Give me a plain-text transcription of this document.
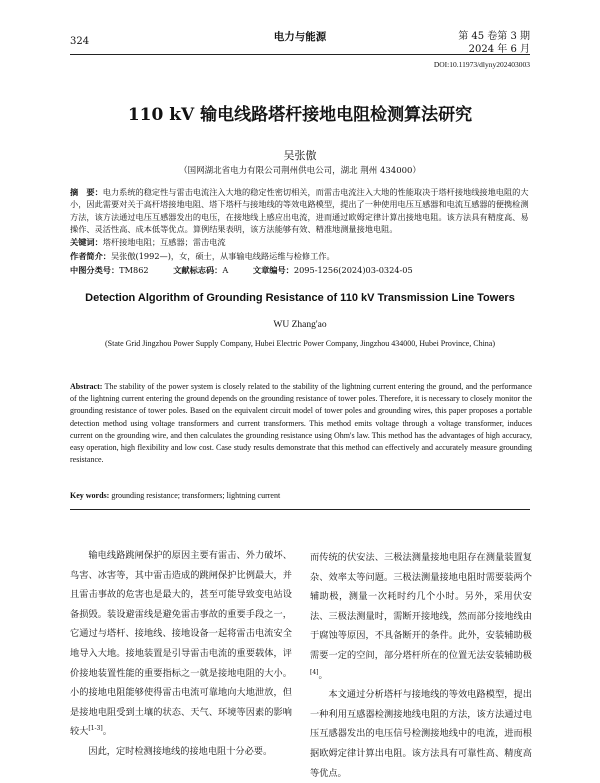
324	电力与能源	第 45 卷第 3 期
2024 年 6 月
DOI:10.11973/dlyny202403003
110 kV 输电线路塔杆接地电阻检测算法研究
吴张傲
（国网湖北省电力有限公司荆州供电公司，湖北 荆州 434000）
摘　要：电力系统的稳定性与雷击电流注入大地的稳定性密切相关，而雷击电流注入大地的性能取决于塔杆接地线接地电阻的大小，因此需要对关于高杆塔接地电阻、塔下塔杆与接地线的等效电路模型，提出了一种使用电压互感器和电流互感器的便携检测方法，该方法通过电压互感器发出的电压，在接地线上感应出电流，进而通过欧姆定律计算出接地电阻。该方法具有精度高、易操作、灵活性高、成本低等优点。算例结果表明，该方法能够有效、精准地测量接地电阻。
关键词：塔杆接地电阻；互感器；雷击电流
作者简介：吴张傲(1992—)，女，硕士，从事输电线路运维与检修工作。
中图分类号：TM862	文献标志码：A	文章编号：2095-1256(2024)03-0324-05
Detection Algorithm of Grounding Resistance of 110 kV Transmission Line Towers
WU Zhang'ao
(State Grid Jingzhou Power Supply Company, Hubei Electric Power Company, Jingzhou 434000, Hubei Province, China)
Abstract: The stability of the power system is closely related to the stability of the lightning current entering the ground, and the performance of the lightning current entering the ground depends on the grounding resistance of tower poles. Therefore, it is necessary to closely monitor the grounding resistance of tower poles. Based on the equivalent circuit model of tower poles and grounding wires, this paper proposes a portable detection method using voltage transformers and current transformers. This method emits voltage through a voltage transformer, induces current on the grounding wire, and then calculates the grounding resistance using Ohm's law. This method has the advantages of high accuracy, easy operation, high flexibility and low cost. Case study results demonstrate that this method can effectively and accurately measure grounding resistance.
Key words: grounding resistance; transformers; lightning current

输电线路跳闸保护的原因主要有雷击、外力破坏、鸟害、冰害等，其中雷击造成的跳闸保护比例最大，并且雷击事故的危害也是最大的，甚至可能导致变电站设备损毁。装设避雷线是避免雷击事故的重要手段之一，它通过与塔杆、接地线、接地设备一起将雷击电流安全地导入大地。接地装置是引导雷击电流的重要载体，评价接地装置性能的重要指标之一就是接地电阻的大小。小的接地电阻能够使得雷击电流可靠地向大地泄放，但是接地电阻受到土壤的状态、天气、环境等因素的影响较大[1-3]。

因此，定时检测接地线的接地电阻十分必要。

而传统的伏安法、三极法测量接地电阻存在测量装置复杂、效率太等问题。三极法测量接地电阻时需要装两个辅助极，测量一次耗时约几个小时。另外，采用伏安法、三极法测量时，需断开接地线，然而部分接地线由于腐蚀等原因，不具备断开的条件。此外，安装辅助极需要一定的空间，部分塔杆所在的位置无法安装辅助极[4]。

本文通过分析塔杆与接地线的等效电路模型，提出一种利用互感器检测接地线电阻的方法，该方法通过电压互感器发出的电压信号检测接地线中的电流，进而根据欧姆定律计算出电阻。该方法具有可靠性高、精度高等优点。
